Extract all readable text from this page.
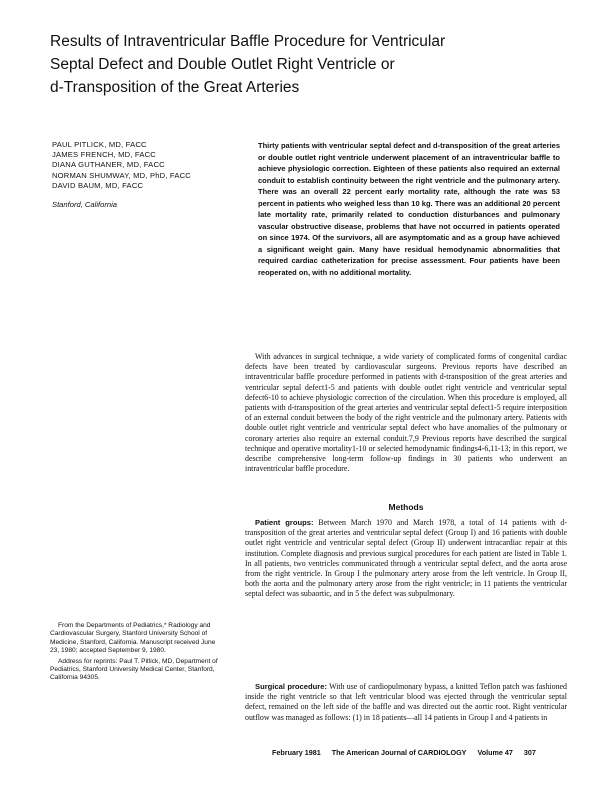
Results of Intraventricular Baffle Procedure for Ventricular
Septal Defect and Double Outlet Right Ventricle or
d-Transposition of the Great Arteries
PAUL PITLICK, MD, FACC
JAMES FRENCH, MD, FACC
DIANA GUTHANER, MD, FACC
NORMAN SHUMWAY, MD, PhD, FACC
DAVID BAUM, MD, FACC
Stanford, California

Thirty patients with ventricular septal defect and d-transposition of the great arteries or double outlet right ventricle underwent placement of an intraventricular baffle to achieve physiologic correction. Eighteen of these patients also required an external conduit to establish continuity between the right ventricle and the pulmonary artery. There was an overall 22 percent early mortality rate, although the rate was 53 percent in patients who weighed less than 10 kg. There was an additional 20 percent late mortality rate, primarily related to conduction disturbances and pulmonary vascular obstructive disease, problems that have not occurred in patients operated on since 1974. Of the survivors, all are asymptomatic and as a group have achieved a significant weight gain. Many have residual hemodynamic abnormalities that required cardiac catheterization for precise assessment. Four patients have been reoperated on, with no additional mortality.

With advances in surgical technique, a wide variety of complicated forms of congenital cardiac defects have been treated by cardiovascular surgeons. Previous reports have described an intraventricular baffle procedure performed in patients with d-transposition of the great arteries and ventricular septal defect1-5 and patients with double outlet right ventricle and ventricular septal defect6-10 to achieve physiologic correction of the circulation. When this procedure is employed, all patients with d-transposition of the great arteries and ventricular septal defect1-5 require interposition of an external conduit between the body of the right ventricle and the pulmonary artery. Patients with double outlet right ventricle and ventricular septal defect who have anomalies of the pulmonary or coronary arteries also require an external conduit.7,9 Previous reports have described the surgical technique and operative mortality1-10 or selected hemodynamic findings4-6,11-13; in this report, we describe comprehensive long-term follow-up findings in 30 patients who underwent an intraventricular baffle procedure.

Methods

Patient groups: Between March 1970 and March 1978, a total of 14 patients with d-transposition of the great arteries and ventricular septal defect (Group I) and 16 patients with double outlet right ventricle and ventricular septal defect (Group II) underwent intracardiac repair at this institution. Complete diagnosis and previous surgical procedures for each patient are listed in Table 1. In all patients, two ventricles communicated through a ventricular septal defect, and the aorta arose from the right ventricle. In Group I the pulmonary artery arose from the left ventricle. In Group II, both the aorta and the pulmonary artery arose from the right ventricle; in 11 patients the ventricular septal defect was subaortic, and in 5 the defect was subpulmonary.

Surgical procedure: With use of cardiopulmonary bypass, a knitted Teflon patch was fashioned inside the right ventricle so that left ventricular blood was ejected through the ventricular septal defect, remained on the left side of the baffle and was directed out the aortic root. Right ventricular outflow was managed as follows: (1) in 18 patients—all 14 patients in Group I and 4 patients in

From the Departments of Pediatrics,* Radiology and Cardiovascular Surgery, Stanford University School of Medicine, Stanford, California. Manuscript received June 23, 1980; accepted September 9, 1980.

Address for reprints: Paul T. Pitlick, MD, Department of Pediatrics, Stanford University Medical Center, Stanford, California 94305.

February 1981 The American Journal of CARDIOLOGY Volume 47 307
